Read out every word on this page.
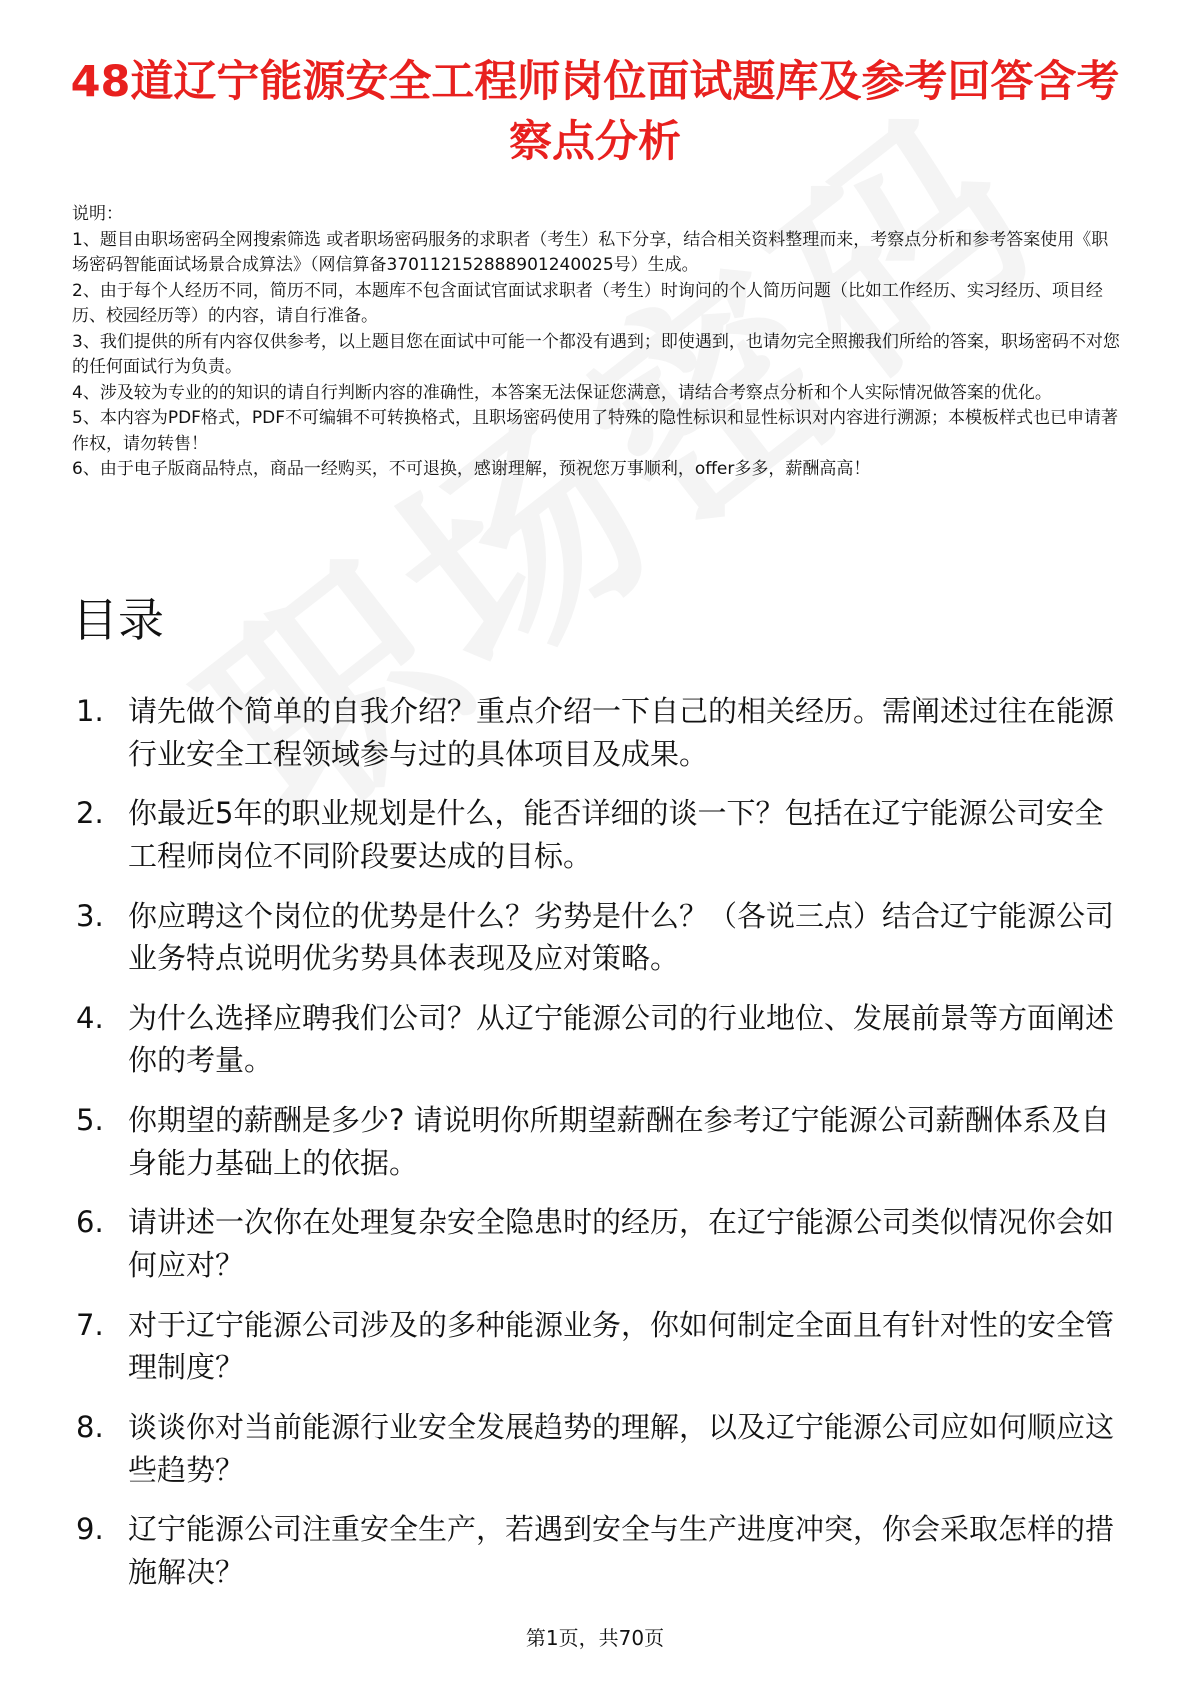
48道辽宁能源安全工程师岗位面试题库及参考回答含考察点分析

说明：

1、题目由职场密码全网搜索筛选 或者职场密码服务的求职者（考生）私下分享，结合相关资料整理而来，考察点分析和参考答案使用《职场密码智能面试场景合成算法》（网信算备370112152888901240025号）生成。

2、由于每个人经历不同，简历不同，本题库不包含面试官面试求职者（考生）时询问的个人简历问题（比如工作经历、实习经历、项目经历、校园经历等）的内容，请自行准备。

3、我们提供的所有内容仅供参考，以上题目您在面试中可能一个都没有遇到；即使遇到，也请勿完全照搬我们所给的答案，职场密码不对您的任何面试行为负责。

4、涉及较为专业的的知识的请自行判断内容的准确性，本答案无法保证您满意，请结合考察点分析和个人实际情况做答案的优化。

5、本内容为PDF格式，PDF不可编辑不可转换格式，且职场密码使用了特殊的隐性标识和显性标识对内容进行溯源；本模板样式也已申请著作权，请勿转售！

6、由于电子版商品特点，商品一经购买，不可退换，感谢理解，预祝您万事顺利，offer多多，薪酬高高！

目录
1. 请先做个简单的自我介绍？重点介绍一下自己的相关经历。需阐述过往在能源行业安全工程领域参与过的具体项目及成果。
2. 你最近5年的职业规划是什么，能否详细的谈一下？包括在辽宁能源公司安全工程师岗位不同阶段要达成的目标。
3. 你应聘这个岗位的优势是什么？劣势是什么？（各说三点）结合辽宁能源公司业务特点说明优劣势具体表现及应对策略。
4. 为什么选择应聘我们公司？从辽宁能源公司的行业地位、发展前景等方面阐述你的考量。
5. 你期望的薪酬是多少? 请说明你所期望薪酬在参考辽宁能源公司薪酬体系及自身能力基础上的依据。
6. 请讲述一次你在处理复杂安全隐患时的经历，在辽宁能源公司类似情况你会如何应对？
7. 对于辽宁能源公司涉及的多种能源业务，你如何制定全面且有针对性的安全管理制度？
8. 谈谈你对当前能源行业安全发展趋势的理解，以及辽宁能源公司应如何顺应这些趋势？
9. 辽宁能源公司注重安全生产，若遇到安全与生产进度冲突，你会采取怎样的措施解决？
第1页，共70页
